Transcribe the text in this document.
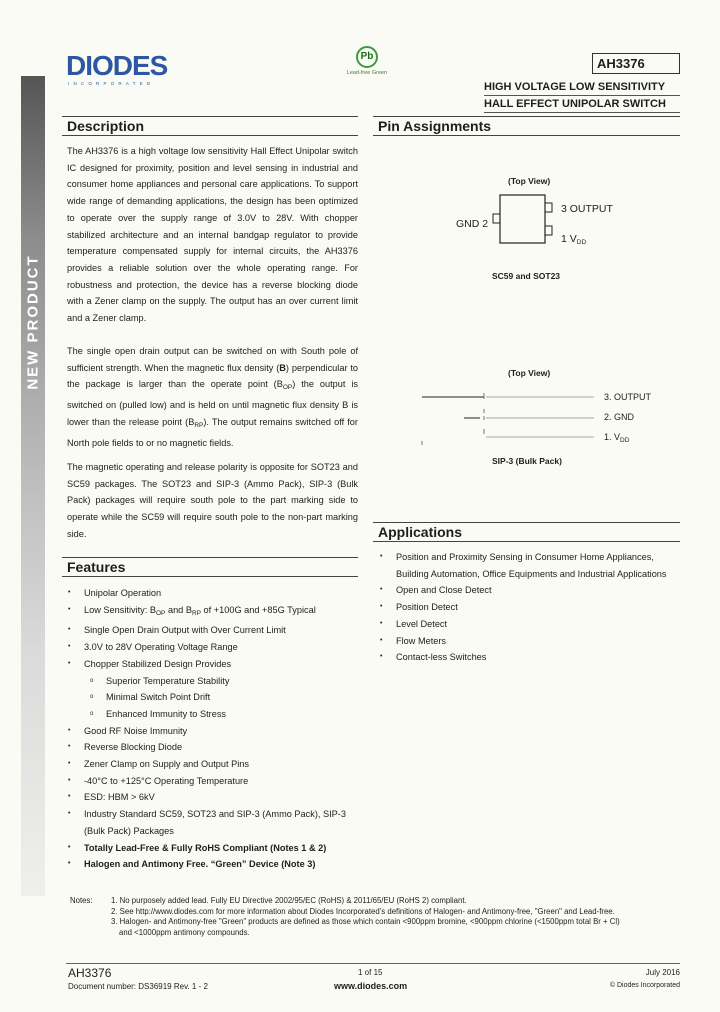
NEW PRODUCT
DIODES
INCORPORATED
Pb
Lead-free Green
AH3376
HIGH VOLTAGE LOW SENSITIVITY
HALL EFFECT UNIPOLAR SWITCH
Description
The AH3376 is a high voltage low sensitivity Hall Effect Unipolar switch IC designed for proximity, position and level sensing in industrial and consumer home appliances and personal care applications. To support wide range of demanding applications, the design has been optimized to operate over the supply range of 3.0V to 28V. With chopper stabilized architecture and an internal bandgap regulator to provide temperature compensated supply for internal circuits, the AH3376 provides a reliable solution over the whole operating range. For robustness and protection, the device has a reverse blocking diode with a Zener clamp on the supply. The output has an over current limit and a Zener clamp.
The single open drain output can be switched on with South pole of sufficient strength. When the magnetic flux density (B) perpendicular to the package is larger than the operate point $(B_{OP})$ the output is switched on (pulled low) and is held on until magnetic flux density B is lower than the release point $(B_{RP})$. The output remains switched off for North pole fields to or no magnetic fields.
The magnetic operating and release polarity is opposite for SOT23 and SC59 packages. The SOT23 and SIP-3 (Ammo Pack), SIP-3 (Bulk Pack) packages will require south pole to the part marking side to operate while the SC59 will require south pole to the non-part marking side.
Features
• Unipolar Operation
• Low Sensitivity: $B_{OP}$ and $B_{RP}$ of +100G and +85G Typical
• Single Open Drain Output with Over Current Limit
• 3.0V to 28V Operating Voltage Range
• Chopper Stabilized Design Provides
o Superior Temperature Stability
o Minimal Switch Point Drift
o Enhanced Immunity to Stress
• Good RF Noise Immunity
• Reverse Blocking Diode
• Zener Clamp on Supply and Output Pins
• -40°C to +125°C Operating Temperature
• ESD: HBM > 6kV
• Industry Standard SC59, SOT23 and SIP-3 (Ammo Pack), SIP-3
(Bulk Pack) Packages
• Totally Lead-Free & Fully RoHS Compliant (Notes 1 & 2)
• Halogen and Antimony Free. “Green” Device (Note 3)
Pin Assignments
(Top View)
GND 2
3 OUTPUT
1 $V_{DD}$
SC59 and SOT23
(Top View)
3. OUTPUT
2. GND
1. $V_{DD}$
SIP-3 (Bulk Pack)
Applications
• Position and Proximity Sensing in Consumer Home Appliances,
Building Automation, Office Equipments and Industrial Applications
• Open and Close Detect
• Position Detect
• Level Detect
• Flow Meters
• Contact-less Switches
Notes: 1. No purposely added lead. Fully EU Directive 2002/95/EC (RoHS) & 2011/65/EU (RoHS 2) compliant.
2. See http://www.diodes.com for more information about Diodes Incorporated’s definitions of Halogen- and Antimony-free, "Green" and Lead-free.
3. Halogen- and Antimony-free "Green" products are defined as those which contain <900ppm bromine, <900ppm chlorine (<1500ppm total Br + Cl)
and <1000ppm antimony compounds.
AH3376
Document number: DS36919 Rev. 1 - 2
1 of 15
www.diodes.com
July 2016
© Diodes Incorporated
